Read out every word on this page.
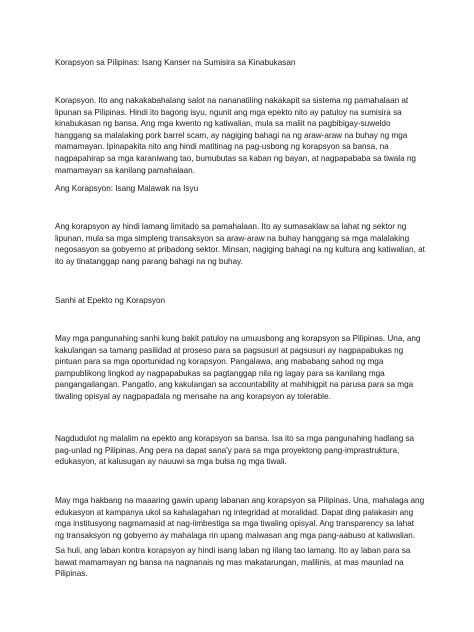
Korapsyon sa Pilipinas: Isang Kanser na Sumisira sa Kinabukasan

Korapsyon. Ito ang nakakabahalang salot na nananatiling nakakapit sa sistema ng pamahalaan at lipunan sa Pilipinas. Hindi ito bagong isyu, ngunit ang mga epekto nito ay patuloy na sumisira sa kinabukasan ng bansa. Ang mga kwento ng katiwalian, mula sa maliit na pagbibigay-suweldo hanggang sa malalaking pork barrel scam, ay nagiging bahagi na ng araw-araw na buhay ng mga mamamayan. Ipinapakita nito ang hindi matitinag na pag-usbong ng korapsyon sa bansa, na nagpapahirap sa mga karaniwang tao, bumubutas sa kaban ng bayan, at nagpapababa sa tiwala ng mamamayan sa kanilang pamahalaan.

Ang Korapsyon: Isang Malawak na Isyu

Ang korapsyon ay hindi lamang limitado sa pamahalaan. Ito ay sumasaklaw sa lahat ng sektor ng lipunan, mula sa mga simpleng transaksyon sa araw-araw na buhay hanggang sa mga malalaking negosasyon sa gobyerno at pribadong sektor. Minsan, nagiging bahagi na ng kultura ang katiwalian, at ito ay tinatanggap nang parang bahagi na ng buhay.

Sanhi at Epekto ng Korapsyon

May mga pangunahing sanhi kung bakit patuloy na umuusbong ang korapsyon sa Pilipinas. Una, ang kakulangan sa tamang pasilidad at proseso para sa pagsusuri at pagsusuri ay nagpapabukas ng pintuan para sa mga oportunidad ng korapsyon. Pangalawa, ang mababang sahod ng mga pampublikong lingkod ay nagpapabukas sa pagtanggap nila ng lagay para sa kanilang mga pangangailangan. Pangatlo, ang kakulangan sa accountability at mahihigpit na parusa para sa mga tiwaling opisyal ay nagpapadala ng mensahe na ang korapsyon ay tolerable.

Nagdudulot ng malalim na epekto ang korapsyon sa bansa. Isa ito sa mga pangunahing hadlang sa pag-unlad ng Pilipinas. Ang pera na dapat sana'y para sa mga proyektong pang-imprastruktura, edukasyon, at kalusugan ay nauuwi sa mga bulsa ng mga tiwali.

May mga hakbang na maaaring gawin upang labanan ang korapsyon sa Pilipinas. Una, mahalaga ang edukasyon at kampanya ukol sa kahalagahan ng integridad at moralidad. Dapat ding palakasin ang mga institusyong nagmamasid at nag-iimbestiga sa mga tiwaling opisyal. Ang transparency sa lahat ng transaksyon ng gobyerno ay mahalaga rin upang maiwasan ang mga pang-aabuso at katiwalian.

Sa huli, ang laban kontra korapsyon ay hindi isang laban ng iilang tao lamang. Ito ay laban para sa bawat mamamayan ng bansa na nagnanais ng mas makatarungan, malilinis, at mas maunlad na Pilipinas.
